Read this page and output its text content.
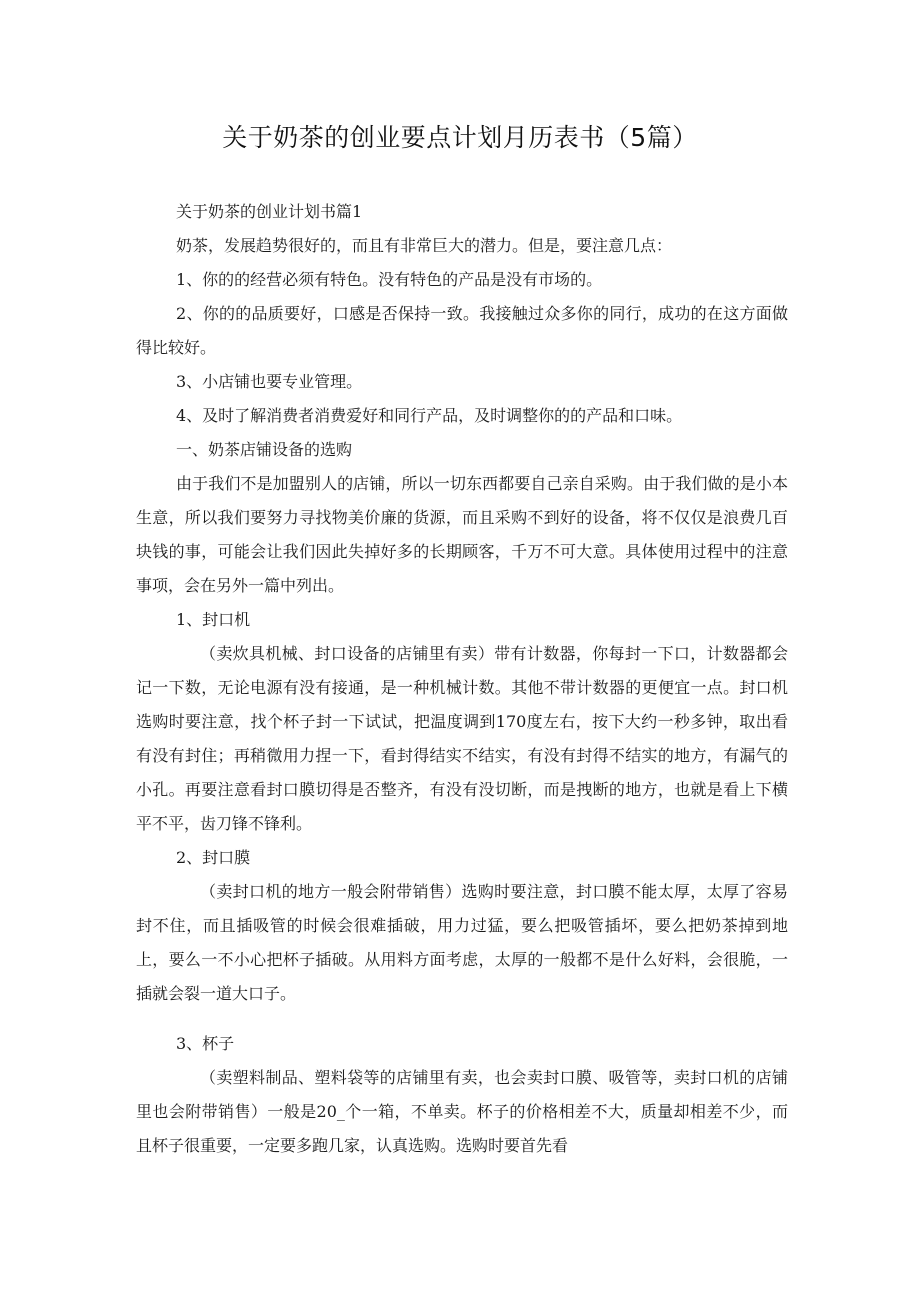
关于奶茶的创业要点计划月历表书（5篇）

关于奶茶的创业计划书篇1

奶茶，发展趋势很好的，而且有非常巨大的潜力。但是，要注意几点：

1、你的的经营必须有特色。没有特色的产品是没有市场的。

2、你的的品质要好，口感是否保持一致。我接触过众多你的同行，成功的在这方面做得比较好。

3、小店铺也要专业管理。

4、及时了解消费者消费爱好和同行产品，及时调整你的的产品和口味。

一、奶茶店铺设备的选购

由于我们不是加盟别人的店铺，所以一切东西都要自己亲自采购。由于我们做的是小本生意，所以我们要努力寻找物美价廉的货源，而且采购不到好的设备，将不仅仅是浪费几百块钱的事，可能会让我们因此失掉好多的长期顾客，千万不可大意。具体使用过程中的注意事项，会在另外一篇中列出。

1、封口机

（卖炊具机械、封口设备的店铺里有卖）带有计数器，你每封一下口，计数器都会记一下数，无论电源有没有接通，是一种机械计数。其他不带计数器的更便宜一点。封口机选购时要注意，找个杯子封一下试试，把温度调到170度左右，按下大约一秒多钟，取出看有没有封住；再稍微用力捏一下，看封得结实不结实，有没有封得不结实的地方，有漏气的小孔。再要注意看封口膜切得是否整齐，有没有没切断，而是拽断的地方，也就是看上下横平不平，齿刀锋不锋利。

2、封口膜

（卖封口机的地方一般会附带销售）选购时要注意，封口膜不能太厚，太厚了容易封不住，而且插吸管的时候会很难插破，用力过猛，要么把吸管插坏，要么把奶茶掉到地上，要么一不小心把杯子插破。从用料方面考虑，太厚的一般都不是什么好料，会很脆，一插就会裂一道大口子。

3、杯子

（卖塑料制品、塑料袋等的店铺里有卖，也会卖封口膜、吸管等，卖封口机的店铺里也会附带销售）一般是20_个一箱，不单卖。杯子的价格相差不大，质量却相差不少，而且杯子很重要，一定要多跑几家，认真选购。选购时要首先看
